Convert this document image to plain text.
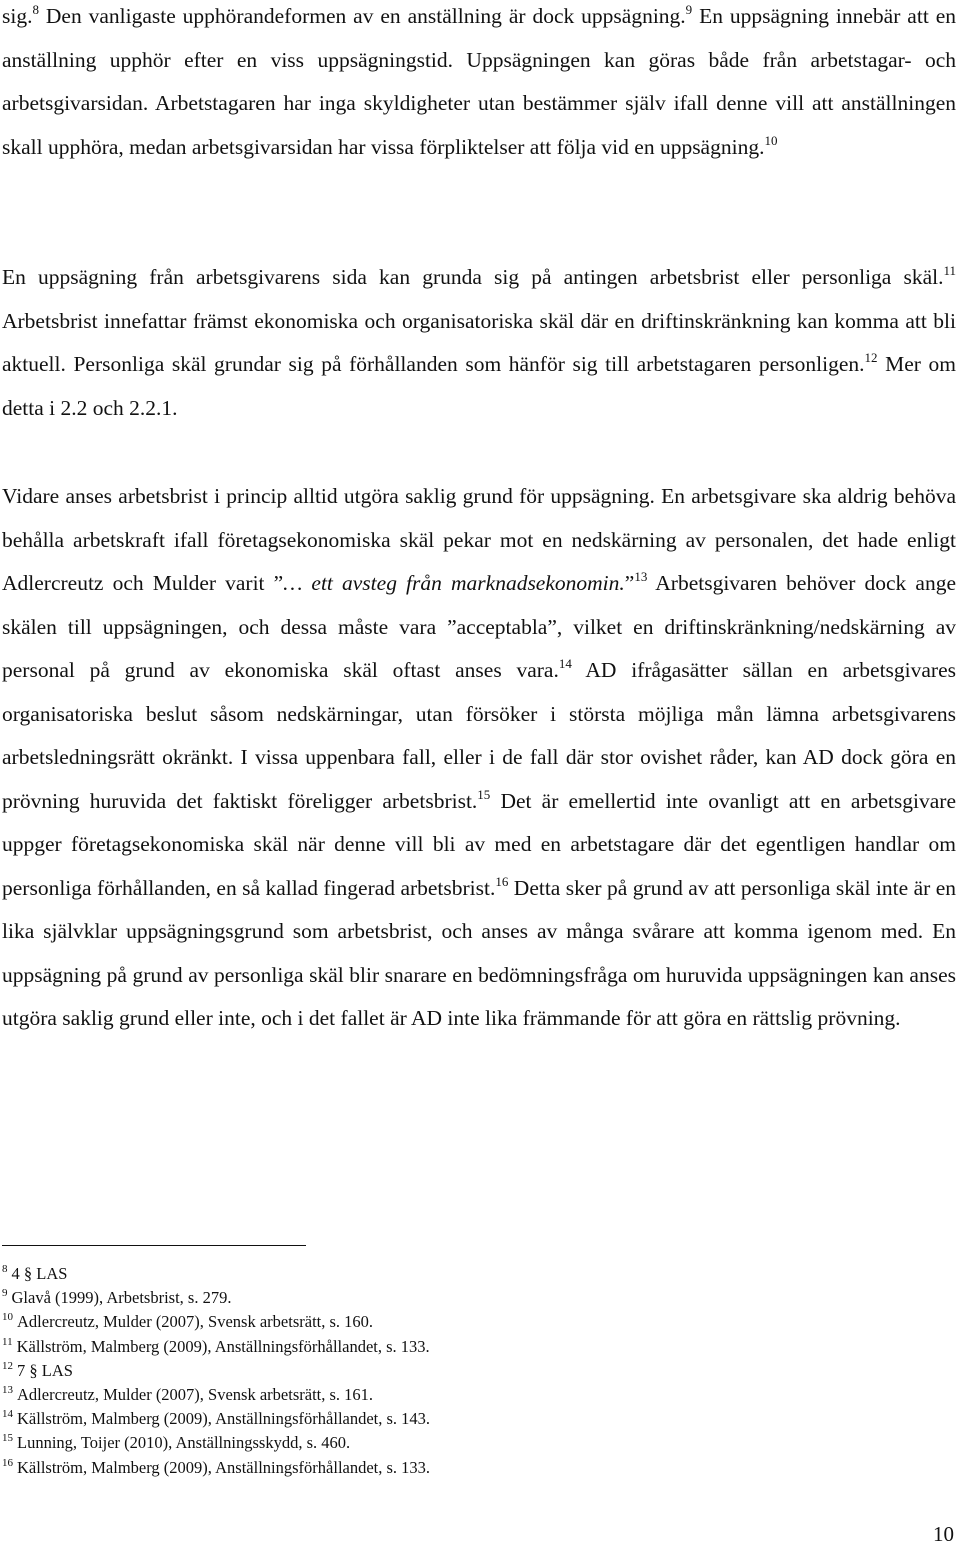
sig.$^8$ Den vanligaste upphörandeformen av en anställning är dock uppsägning.$^9$ En uppsägning innebär att en anställning upphör efter en viss uppsägningstid. Uppsägningen kan göras både från arbetstagar- och arbetsgivarsidan. Arbetstagaren har inga skyldigheter utan bestämmer själv ifall denne vill att anställningen skall upphöra, medan arbetsgivarsidan har vissa förpliktelser att följa vid en uppsägning.$^{10}$

En uppsägning från arbetsgivarens sida kan grunda sig på antingen arbetsbrist eller personliga skäl.$^{11}$ Arbetsbrist innefattar främst ekonomiska och organisatoriska skäl där en driftinskränkning kan komma att bli aktuell. Personliga skäl grundar sig på förhållanden som hänför sig till arbetstagaren personligen.$^{12}$ Mer om detta i 2.2 och 2.2.1.

Vidare anses arbetsbrist i princip alltid utgöra saklig grund för uppsägning. En arbetsgivare ska aldrig behöva behålla arbetskraft ifall företagsekonomiska skäl pekar mot en nedskärning av personalen, det hade enligt Adlercreutz och Mulder varit ”… ett avsteg från marknadsekonomin.”$^{13}$ Arbetsgivaren behöver dock ange skälen till uppsägningen, och dessa måste vara ”acceptabla”, vilket en driftinskränkning/nedskärning av personal på grund av ekonomiska skäl oftast anses vara.$^{14}$ AD ifrågasätter sällan en arbetsgivares organisatoriska beslut såsom nedskärningar, utan försöker i största möjliga mån lämna arbetsgivarens arbetsledningsrätt okränkt. I vissa uppenbara fall, eller i de fall där stor ovishet råder, kan AD dock göra en prövning huruvida det faktiskt föreligger arbetsbrist.$^{15}$ Det är emellertid inte ovanligt att en arbetsgivare uppger företagsekonomiska skäl när denne vill bli av med en arbetstagare där det egentligen handlar om personliga förhållanden, en så kallad fingerad arbetsbrist.$^{16}$ Detta sker på grund av att personliga skäl inte är en lika självklar uppsägningsgrund som arbetsbrist, och anses av många svårare att komma igenom med. En uppsägning på grund av personliga skäl blir snarare en bedömningsfråga om huruvida uppsägningen kan anses utgöra saklig grund eller inte, och i det fallet är AD inte lika främmande för att göra en rättslig prövning.

$^8$ 4 § LAS
$^9$ Glavå (1999), Arbetsbrist, s. 279.
$^{10}$ Adlercreutz, Mulder (2007), Svensk arbetsrätt, s. 160.
$^{11}$ Källström, Malmberg (2009), Anställningsförhållandet, s. 133.
$^{12}$ 7 § LAS
$^{13}$ Adlercreutz, Mulder (2007), Svensk arbetsrätt, s. 161.
$^{14}$ Källström, Malmberg (2009), Anställningsförhållandet, s. 143.
$^{15}$ Lunning, Toijer (2010), Anställningsskydd, s. 460.
$^{16}$ Källström, Malmberg (2009), Anställningsförhållandet, s. 133.
10
